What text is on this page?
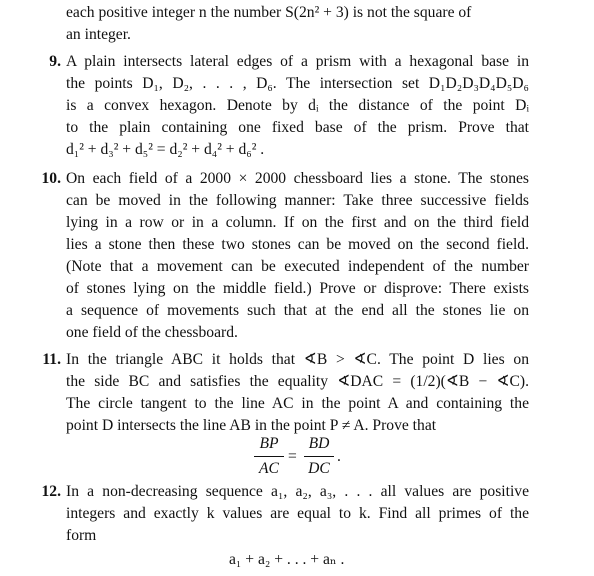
each positive integer n the number S(2n² + 3) is not the square of
an integer.
9. A plain intersects lateral edges of a prism with a hexagonal base in
the points D₁, D₂, . . . , D₆. The intersection set D₁D₂D₃D₄D₅D₆
is a convex hexagon. Denote by dᵢ the distance of the point Dᵢ
to the plain containing one fixed base of the prism. Prove that
d₁² + d₃² + d₅² = d₂² + d₄² + d₆² .
10. On each field of a 2000 × 2000 chessboard lies a stone. The stones
can be moved in the following manner: Take three successive fields
lying in a row or in a column. If on the first and on the third field
lies a stone then these two stones can be moved on the second field.
(Note that a movement can be executed independent of the number
of stones lying on the middle field.) Prove or disprove: There exists
a sequence of movements such that at the end all the stones lie on
one field of the chessboard.
11. In the triangle ABC it holds that ∢B > ∢C. The point D lies on
the side BC and satisfies the equality ∢DAC = (1/2)(∢B − ∢C).
The circle tangent to the line AC in the point A and containing the
point D intersects the line AB in the point P ≠ A. Prove that
BP
AC
=
BD
DC
.
12. In a non-decreasing sequence a₁, a₂, a₃, . . . all values are positive
integers and exactly k values are equal to k. Find all primes of the
form
a₁ + a₂ + . . . + aₙ .
